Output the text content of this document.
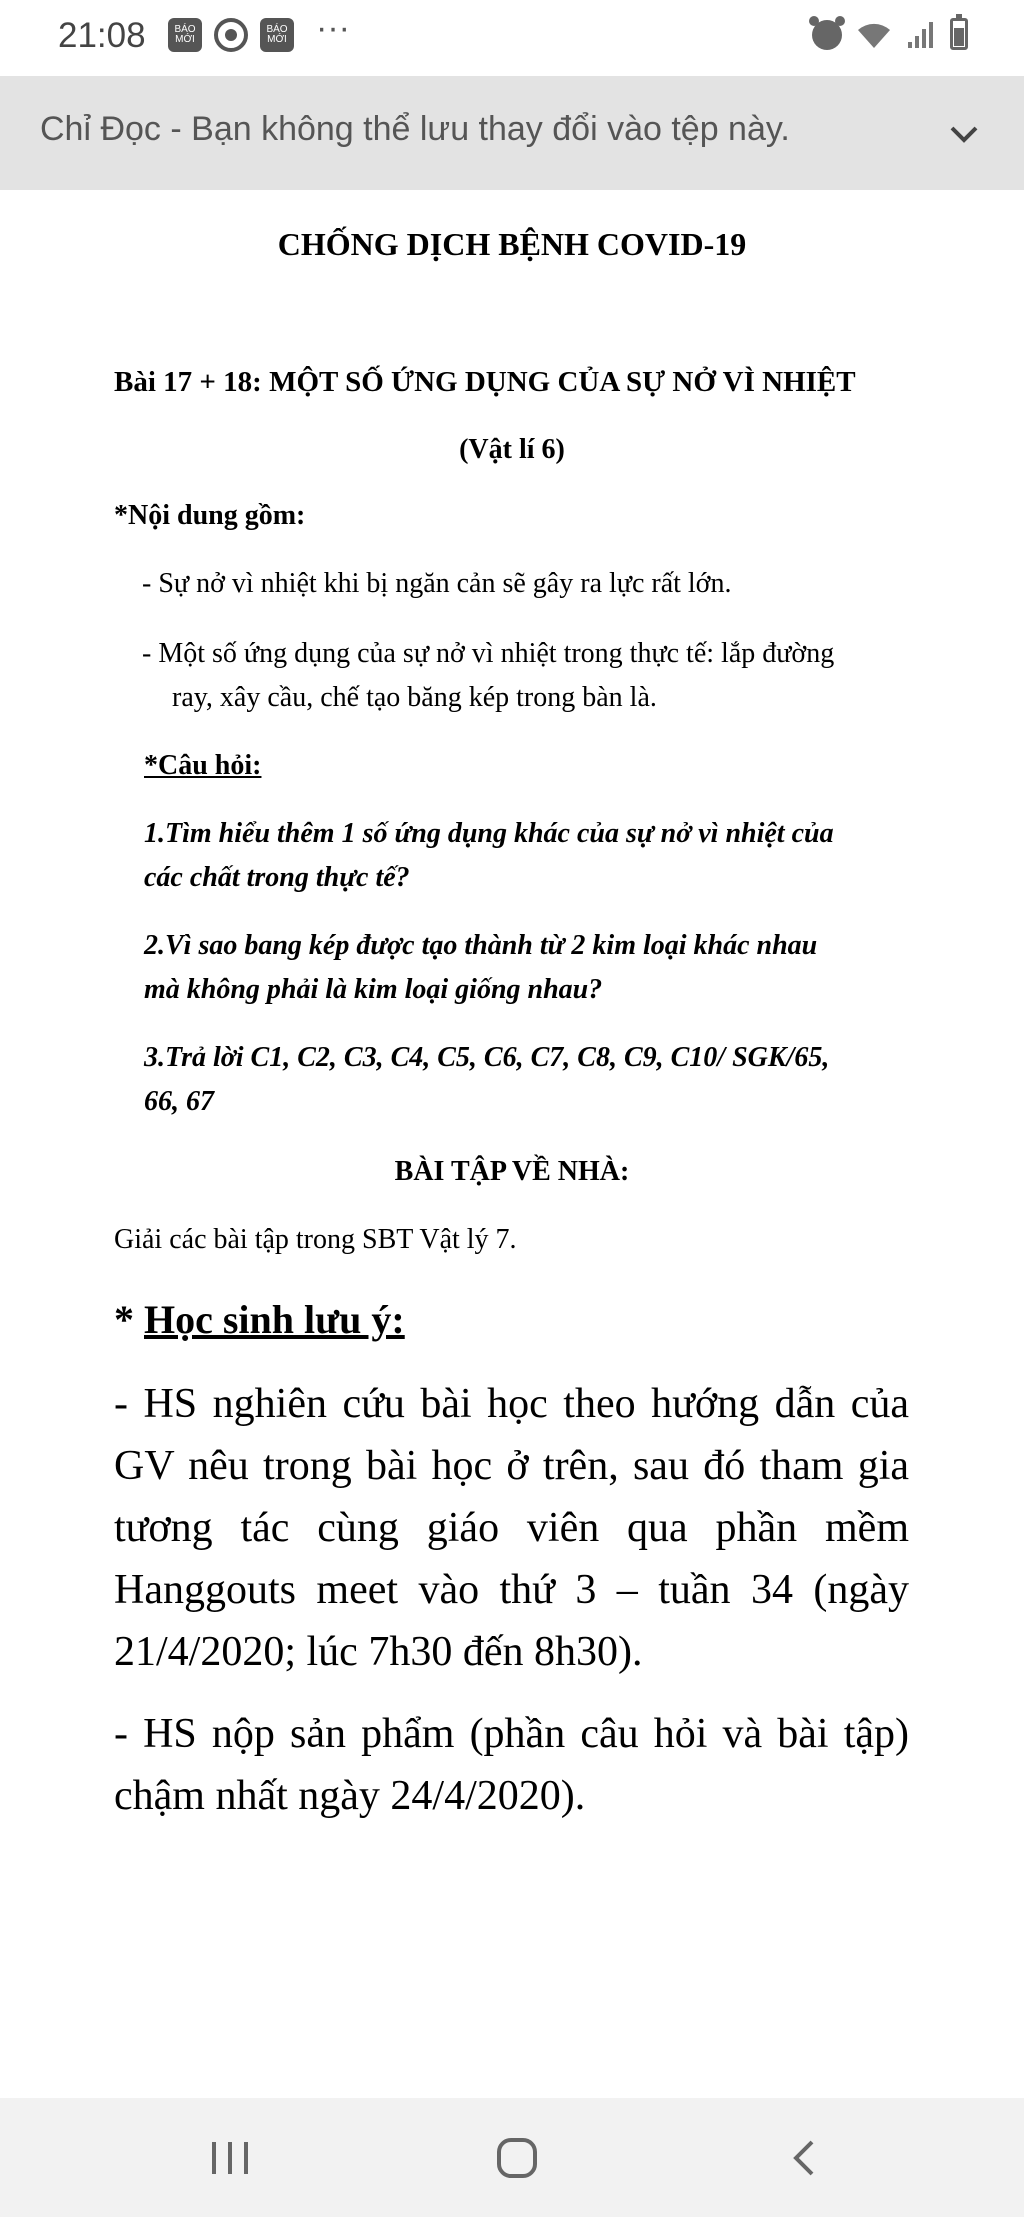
21:08	BÁO MỚI
BÁO MỚI ···
Chỉ Đọc - Bạn không thể lưu thay đổi vào tệp này.
CHỐNG DỊCH BỆNH COVID-19
Bài 17 + 18: MỘT SỐ ỨNG DỤNG CỦA SỰ NỞ VÌ NHIỆT
(Vật lí 6)
*Nội dung gồm:
- Sự nở vì nhiệt khi bị ngăn cản sẽ gây ra lực rất lớn.
- Một số ứng dụng của sự nở vì nhiệt trong thực tế: lắp đường
ray, xây cầu, chế tạo băng kép trong bàn là.
*Câu hỏi:
1.Tìm hiểu thêm 1 số ứng dụng khác của sự nở vì nhiệt của
các chất trong thực tế?
2.Vì sao bang kép được tạo thành từ 2 kim loại khác nhau
mà không phải là kim loại giống nhau?
3.Trả lời C1, C2, C3, C4, C5, C6, C7, C8, C9, C10/ SGK/65,
66, 67
BÀI TẬP VỀ NHÀ:
Giải các bài tập trong SBT Vật lý 7.
* Học sinh lưu ý:
- HS nghiên cứu bài học theo hướng dẫn của
GV nêu trong bài học ở trên, sau đó tham gia
tương tác cùng giáo viên qua phần mềm
Hanggouts meet vào thứ 3 – tuần 34 (ngày
21/4/2020; lúc 7h30 đến 8h30).
- HS nộp sản phẩm (phần câu hỏi và bài tập)
chậm nhất ngày 24/4/2020).
